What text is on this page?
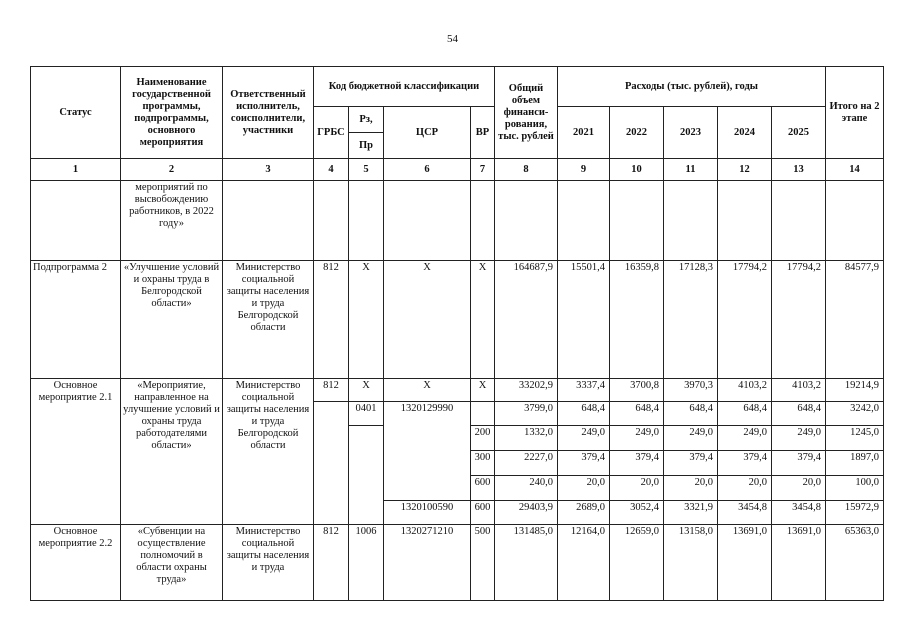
54
Статус	Наименование государственной программы, подпрограммы, основного мероприятия	Ответственный исполнитель, соисполнители, участники	Код бюджетной классификации				Общий объем финанси-рования, тыс. рублей	Расходы (тыс. рублей), годы					Итого на 2 этапе
			ГРБС	Рз,	ЦСР	ВР		2021	2022	2023	2024	2025	
				Пр									
1	2	3	4	5	6	7	8	9	10	11	12	13	14
	мероприятий по высвобождению работников, в 2022 году»												
Подпрограмма 2	«Улучшение условий и охраны труда в Белгородской области»	Министерство социальной защиты населения и труда Белгородской области	812	Х	Х	Х	164687,9	15501,4	16359,8	17128,3	17794,2	17794,2	84577,9
Основное мероприятие 2.1	«Мероприятие, направленное на улучшение условий и охраны труда работодателями области»	Министерство социальной защиты населения и труда Белгородской области	812	Х	Х	Х	33202,9	3337,4	3700,8	3970,3	4103,2	4103,2	19214,9
				0401	1320129990		3799,0	648,4	648,4	648,4	648,4	648,4	3242,0
						200	1332,0	249,0	249,0	249,0	249,0	249,0	1245,0
						300	2227,0	379,4	379,4	379,4	379,4	379,4	1897,0
						600	240,0	20,0	20,0	20,0	20,0	20,0	100,0
					1320100590	600	29403,9	2689,0	3052,4	3321,9	3454,8	3454,8	15972,9
Основное мероприятие 2.2	«Субвенции на осуществление полномочий в области охраны труда»	Министерство социальной защиты населения и труда	812	1006	1320271210	500	131485,0	12164,0	12659,0	13158,0	13691,0	13691,0	65363,0
